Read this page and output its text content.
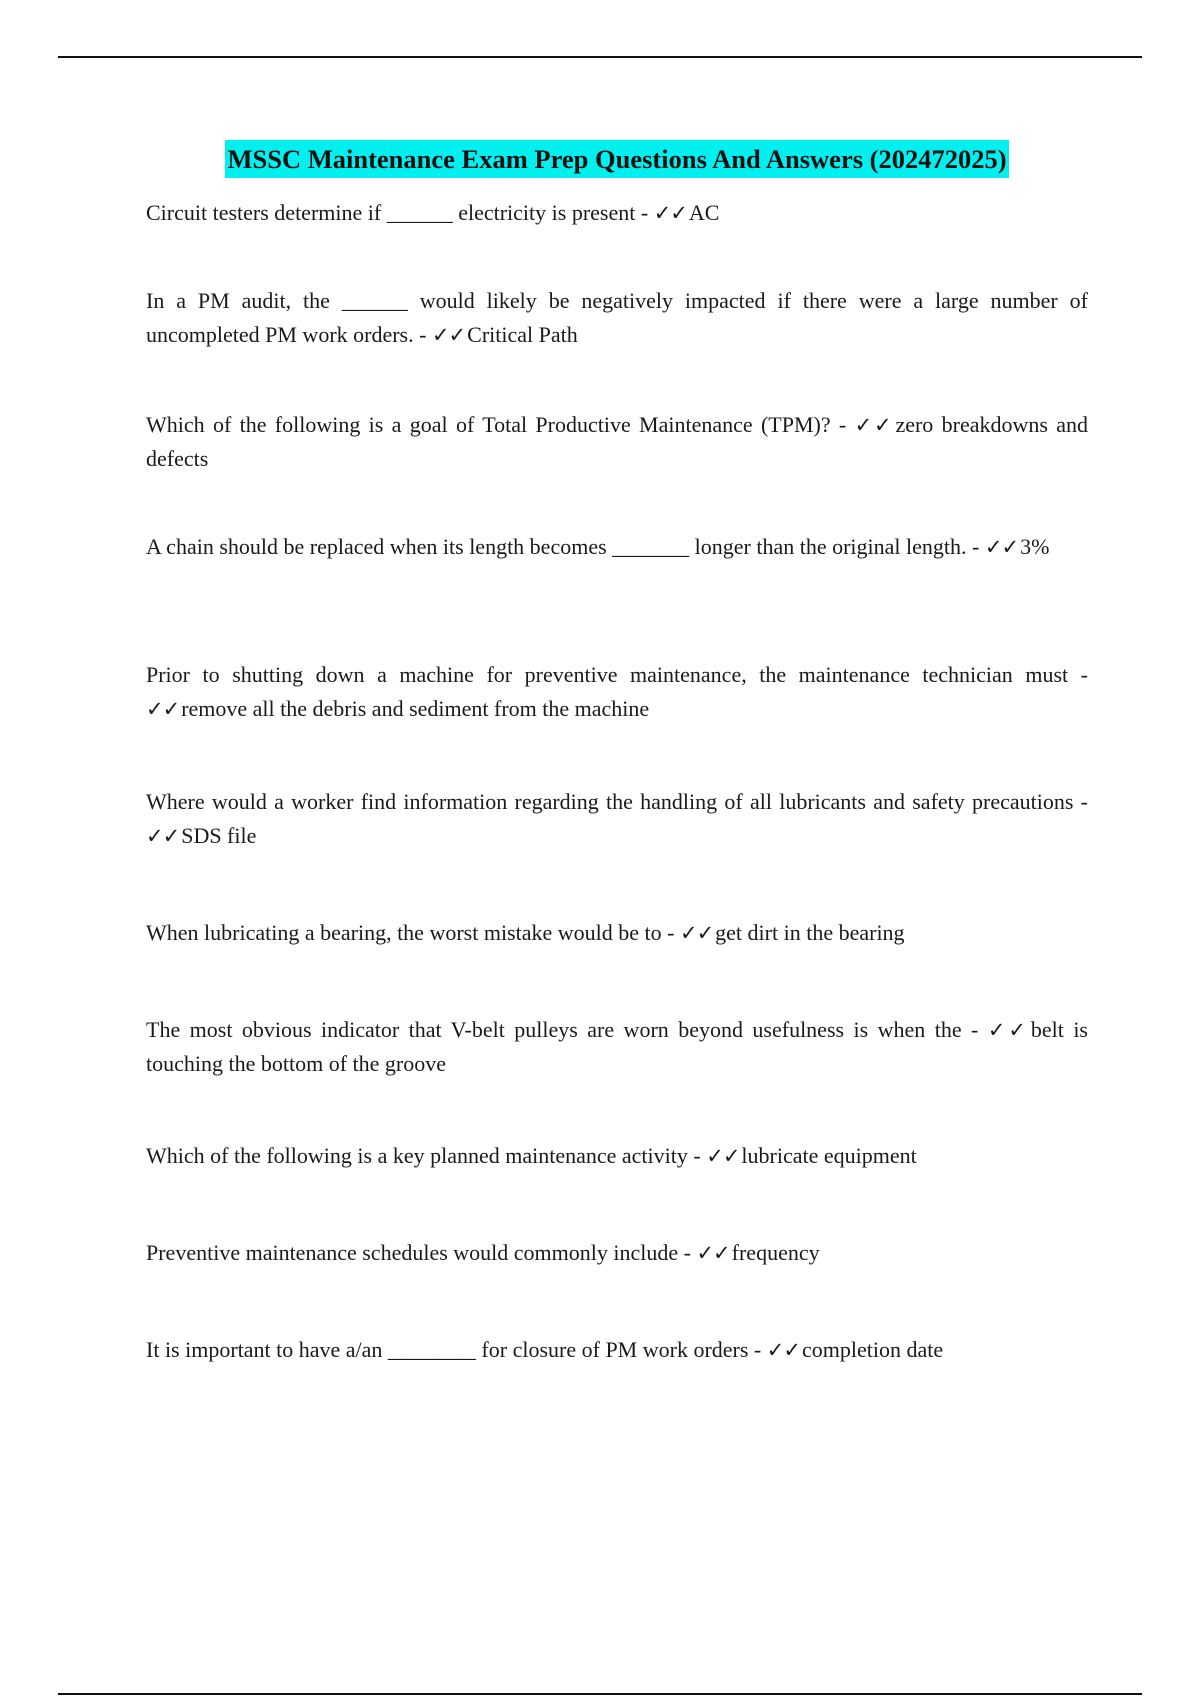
MSSC Maintenance Exam Prep Questions And Answers (202472025)

Circuit testers determine if ______ electricity is present - ✓✓AC

In a PM audit, the ______ would likely be negatively impacted if there were a large number of uncompleted PM work orders. - ✓✓Critical Path

Which of the following is a goal of Total Productive Maintenance (TPM)? - ✓✓zero breakdowns and defects

A chain should be replaced when its length becomes _______ longer than the original length. - ✓✓3%

Prior to shutting down a machine for preventive maintenance, the maintenance technician must - ✓✓remove all the debris and sediment from the machine

Where would a worker find information regarding the handling of all lubricants and safety precautions - ✓✓SDS file

When lubricating a bearing, the worst mistake would be to - ✓✓get dirt in the bearing

The most obvious indicator that V-belt pulleys are worn beyond usefulness is when the - ✓✓belt is touching the bottom of the groove

Which of the following is a key planned maintenance activity - ✓✓lubricate equipment

Preventive maintenance schedules would commonly include - ✓✓frequency

It is important to have a/an ________ for closure of PM work orders - ✓✓completion date
